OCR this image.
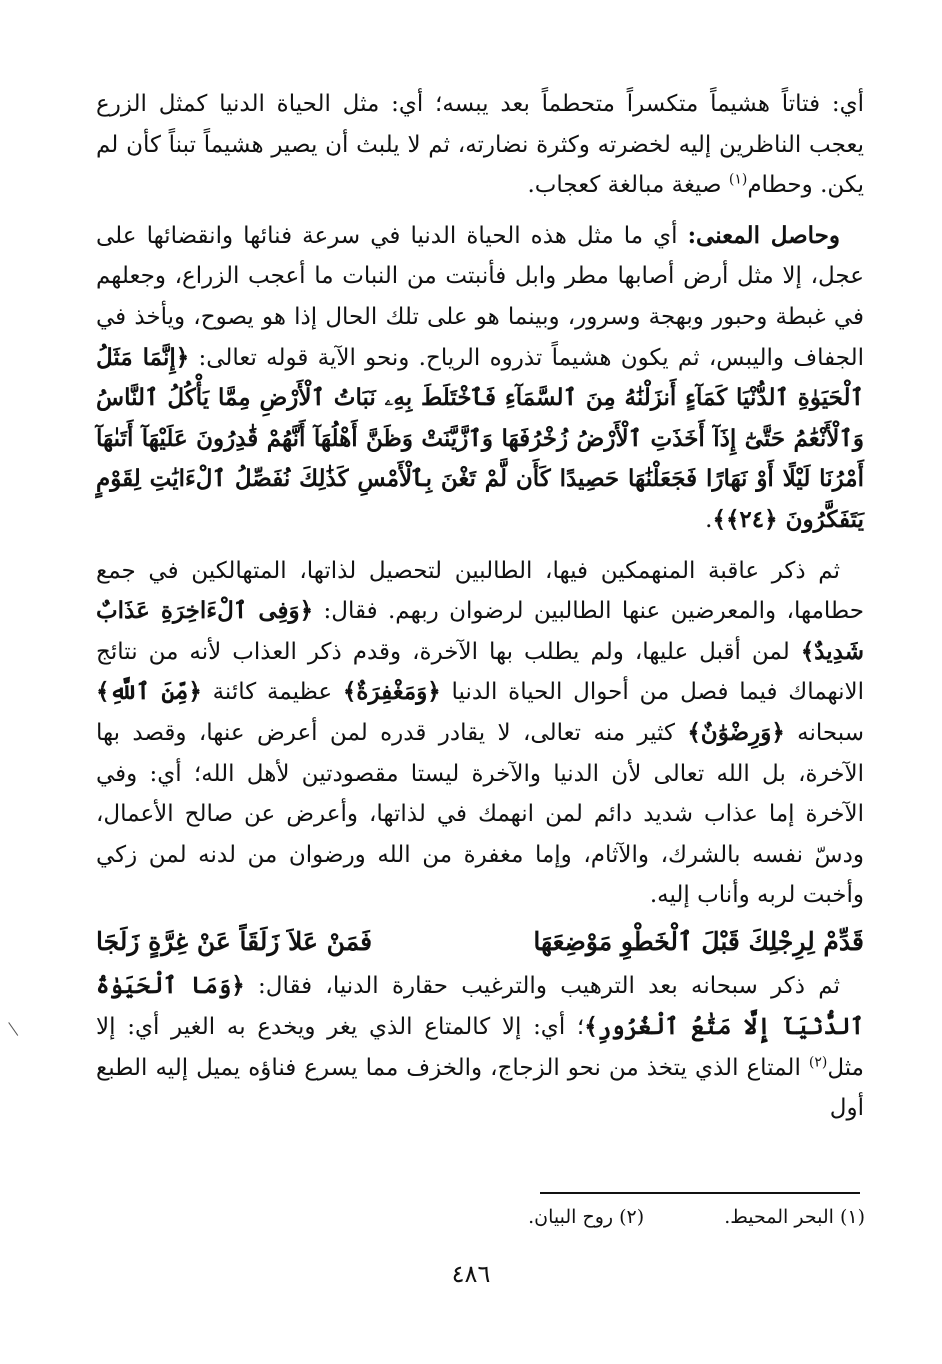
أي: فتاتاً هشيماً متكسراً متحطماً بعد يبسه؛ أي: مثل الحياة الدنيا كمثل الزرع يعجب الناظرين إليه لخضرته وكثرة نضارته، ثم لا يلبث أن يصير هشيماً تبناً كأن لم يكن. وحطام$^{(١)}$ صيغة مبالغة كعجاب.

وحاصل المعنى: أي ما مثل هذه الحياة الدنيا في سرعة فنائها وانقضائها على عجل، إلا مثل أرض أصابها مطر وابل فأنبتت من النبات ما أعجب الزراع، وجعلهم في غبطة وحبور وبهجة وسرور، وبينما هو على تلك الحال إذا هو يصوح، ويأخذ في الجفاف واليبس، ثم يكون هشيماً تذروه الرياح. ونحو الآية قوله تعالى: ﴿إِنَّمَا مَثَلُ ٱلْحَيَوٰةِ ٱلدُّنْيَا كَمَآءٍ أَنزَلْنَٰهُ مِنَ ٱلسَّمَآءِ فَٱخْتَلَطَ بِهِۦ نَبَاتُ ٱلْأَرْضِ مِمَّا يَأْكُلُ ٱلنَّاسُ وَٱلْأَنْعَٰمُ حَتَّىٰٓ إِذَآ أَخَذَتِ ٱلْأَرْضُ زُخْرُفَهَا وَٱزَّيَّنَتْ وَظَنَّ أَهْلُهَآ أَنَّهُمْ قَٰدِرُونَ عَلَيْهَآ أَتَىٰهَآ أَمْرُنَا لَيْلًا أَوْ نَهَارًا فَجَعَلْنَٰهَا حَصِيدًا كَأَن لَّمْ تَغْنَ بِٱلْأَمْسِ كَذَٰلِكَ نُفَصِّلُ ٱلْءَايَٰتِ لِقَوْمٍ يَتَفَكَّرُونَ ﴿٢٤﴾﴾.

ثم ذكر عاقبة المنهمكين فيها، الطالبين لتحصيل لذاتها، المتهالكين في جمع حطامها، والمعرضين عنها الطالبين لرضوان ربهم. فقال: ﴿وَفِى ٱلْءَاخِرَةِ عَذَابٌ شَدِيدٌ﴾ لمن أقبل عليها، ولم يطلب بها الآخرة، وقدم ذكر العذاب لأنه من نتائج الانهماك فيما فصل من أحوال الحياة الدنيا ﴿وَمَغْفِرَةٌ﴾ عظيمة كائنة ﴿مِّنَ ٱللَّهِ﴾ سبحانه ﴿وَرِضْوَٰنٌ﴾ كثير منه تعالى، لا يقادر قدره لمن أعرض عنها، وقصد بها الآخرة، بل الله تعالى لأن الدنيا والآخرة ليستا مقصودتين لأهل الله؛ أي: وفي الآخرة إما عذاب شديد دائم لمن انهمك في لذاتها، وأعرض عن صالح الأعمال، ودسّ نفسه بالشرك، والآثام، وإما مغفرة من الله ورضوان من لدنه لمن زكي وأخبت لربه وأناب إليه.

قَدِّمْ لِرِجْلِكَ قَبْلَ ٱلْخَطْوِ مَوْضِعَهَا
فَمَنْ عَلاَ زَلَقَاً عَنْ غِرَّةٍ زَلَجَا

ثم ذكر سبحانه بعد الترهيب والترغيب حقارة الدنيا، فقال: ﴿وَمَا ٱلْحَيَوٰةُ ٱلدُّنْيَآ إِلَّا مَتَٰعُ ٱلْغُرُورِ﴾؛ أي: إلا كالمتاع الذي يغر ويخدع به الغير أي: إلا مثل$^{(٢)}$ المتاع الذي يتخذ من نحو الزجاج، والخزف مما يسرع فناؤه يميل إليه الطبع أول

(١) البحر المحيط.
(٢) روح البيان.
٤٨٦
